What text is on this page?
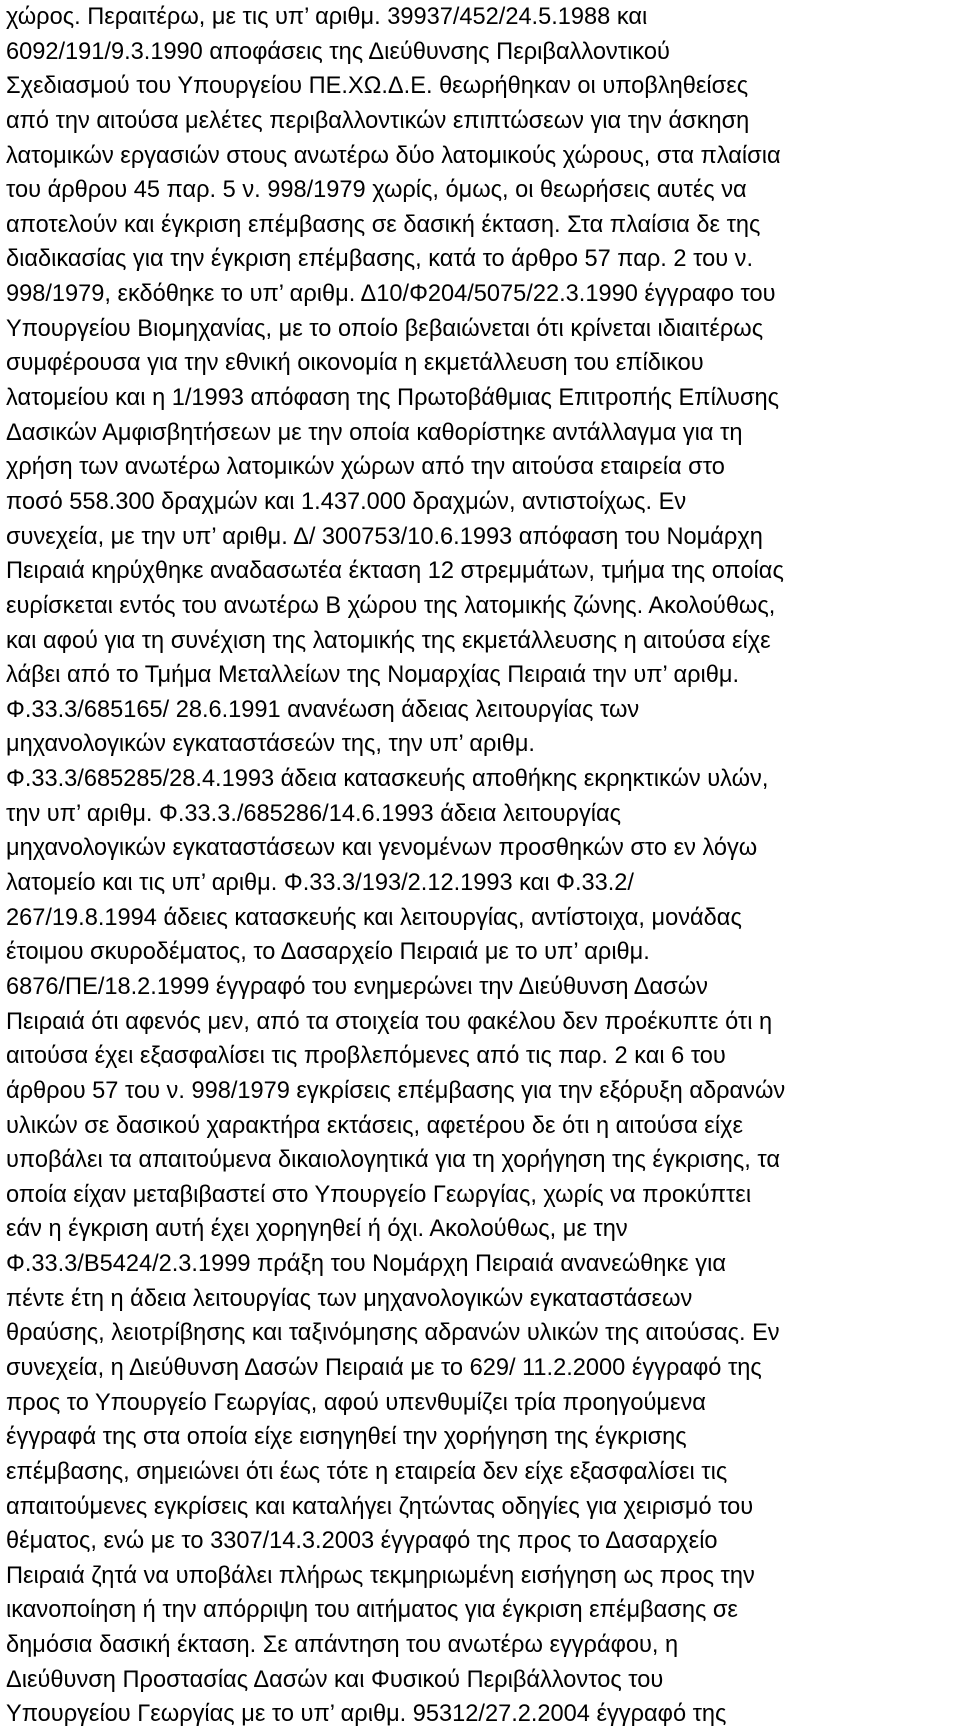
χώρος. Περαιτέρω, με τις υπ’ αριθμ. 39937/452/24.5.1988 και
6092/191/9.3.1990 αποφάσεις της Διεύθυνσης Περιβαλλοντικού
Σχεδιασμού του Υπουργείου ΠΕ.ΧΩ.Δ.Ε. θεωρήθηκαν οι υποβληθείσες
από την αιτούσα μελέτες περιβαλλοντικών επιπτώσεων για την άσκηση
λατομικών εργασιών στους ανωτέρω δύο λατομικούς χώρους, στα πλαίσια
του άρθρου 45 παρ. 5 ν. 998/1979 χωρίς, όμως, οι θεωρήσεις αυτές να
αποτελούν και έγκριση επέμβασης σε δασική έκταση. Στα πλαίσια δε της
διαδικασίας για την έγκριση επέμβασης, κατά το άρθρο 57 παρ. 2 του ν.
998/1979, εκδόθηκε το υπ’ αριθμ. Δ10/Φ204/5075/22.3.1990 έγγραφο του
Υπουργείου Βιομηχανίας, με το οποίο βεβαιώνεται ότι κρίνεται ιδιαιτέρως
συμφέρουσα για την εθνική οικονομία η εκμετάλλευση του επίδικου
λατομείου και η 1/1993 απόφαση της Πρωτοβάθμιας Επιτροπής Επίλυσης
Δασικών Αμφισβητήσεων με την οποία καθορίστηκε αντάλλαγμα για τη
χρήση των ανωτέρω λατομικών χώρων από την αιτούσα εταιρεία στο
ποσό 558.300 δραχμών και 1.437.000 δραχμών, αντιστοίχως. Εν
συνεχεία, με την υπ’ αριθμ. Δ/ 300753/10.6.1993 απόφαση του Νομάρχη
Πειραιά κηρύχθηκε αναδασωτέα έκταση 12 στρεμμάτων, τμήμα της οποίας
ευρίσκεται εντός του ανωτέρω Β χώρου της λατομικής ζώνης. Ακολούθως,
και αφού για τη συνέχιση της λατομικής της εκμετάλλευσης η αιτούσα είχε
λάβει από το Τμήμα Μεταλλείων της Νομαρχίας Πειραιά την υπ’ αριθμ.
Φ.33.3/685165/ 28.6.1991 ανανέωση άδειας λειτουργίας των
μηχανολογικών εγκαταστάσεών της, την υπ’ αριθμ.
Φ.33.3/685285/28.4.1993 άδεια κατασκευής αποθήκης εκρηκτικών υλών,
την υπ’ αριθμ. Φ.33.3./685286/14.6.1993 άδεια λειτουργίας
μηχανολογικών εγκαταστάσεων και γενομένων προσθηκών στο εν λόγω
λατομείο και τις υπ’ αριθμ. Φ.33.3/193/2.12.1993 και Φ.33.2/
267/19.8.1994 άδειες κατασκευής και λειτουργίας, αντίστοιχα, μονάδας
έτοιμου σκυροδέματος, το Δασαρχείο Πειραιά με το υπ’ αριθμ.
6876/ΠΕ/18.2.1999 έγγραφό του ενημερώνει την Διεύθυνση Δασών
Πειραιά ότι αφενός μεν, από τα στοιχεία του φακέλου δεν προέκυπτε ότι η
αιτούσα έχει εξασφαλίσει τις προβλεπόμενες από τις παρ. 2 και 6 του
άρθρου 57 του ν. 998/1979 εγκρίσεις επέμβασης για την εξόρυξη αδρανών
υλικών σε δασικού χαρακτήρα εκτάσεις, αφετέρου δε ότι η αιτούσα είχε
υποβάλει τα απαιτούμενα δικαιολογητικά για τη χορήγηση της έγκρισης, τα
οποία είχαν μεταβιβαστεί στο Υπουργείο Γεωργίας, χωρίς να προκύπτει
εάν η έγκριση αυτή έχει χορηγηθεί ή όχι. Ακολούθως, με την
Φ.33.3/Β5424/2.3.1999 πράξη του Νομάρχη Πειραιά ανανεώθηκε για
πέντε έτη η άδεια λειτουργίας των μηχανολογικών εγκαταστάσεων
θραύσης, λειοτρίβησης και ταξινόμησης αδρανών υλικών της αιτούσας. Εν
συνεχεία, η Διεύθυνση Δασών Πειραιά με το 629/ 11.2.2000 έγγραφό της
προς το Υπουργείο Γεωργίας, αφού υπενθυμίζει τρία προηγούμενα
έγγραφά της στα οποία είχε εισηγηθεί την χορήγηση της έγκρισης
επέμβασης, σημειώνει ότι έως τότε η εταιρεία δεν είχε εξασφαλίσει τις
απαιτούμενες εγκρίσεις και καταλήγει ζητώντας οδηγίες για χειρισμό του
θέματος, ενώ με το 3307/14.3.2003 έγγραφό της προς το Δασαρχείο
Πειραιά ζητά να υποβάλει πλήρως τεκμηριωμένη εισήγηση ως προς την
ικανοποίηση ή την απόρριψη του αιτήματος για έγκριση επέμβασης σε
δημόσια δασική έκταση. Σε απάντηση του ανωτέρω εγγράφου, η
Διεύθυνση Προστασίας Δασών και Φυσικού Περιβάλλοντος του
Υπουργείου Γεωργίας με το υπ’ αριθμ. 95312/27.2.2004 έγγραφό της
